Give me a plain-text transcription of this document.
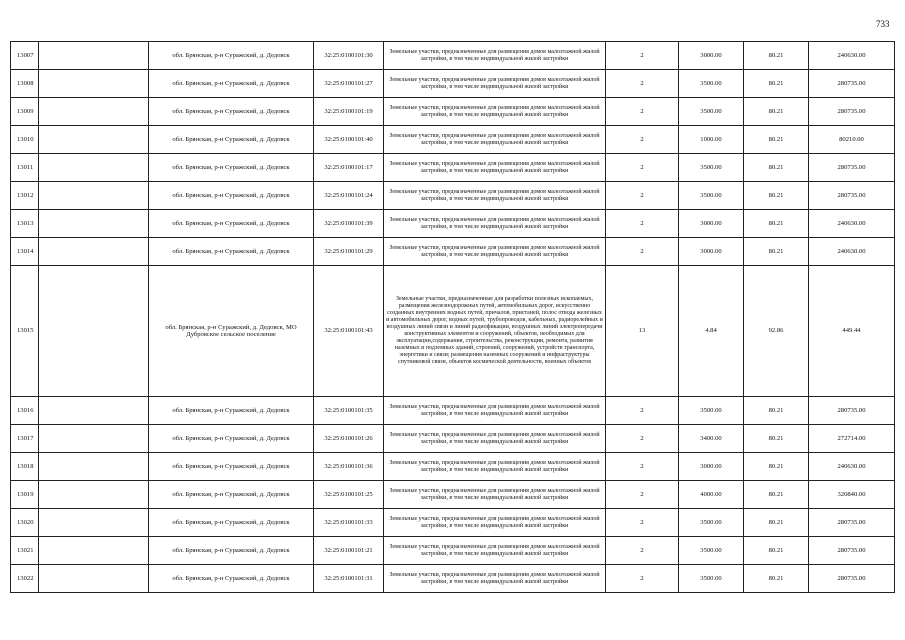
733
13007		обл. Брянская, р-н Суражский, д. Дедовск	32:25:0100101:30	Земельные участки, предназначенные для размещения домов малоэтажной жилой застройки, в том числе индивидуальной жилой застройки	2	3000.00	80.21	240630.00
13008		обл. Брянская, р-н Суражский, д. Дедовск	32:25:0100101:27	Земельные участки, предназначенные для размещения домов малоэтажной жилой застройки, в том числе индивидуальной жилой застройки	2	3500.00	80.21	280735.00
13009		обл. Брянская, р-н Суражский, д. Дедовск	32:25:0100101:19	Земельные участки, предназначенные для размещения домов малоэтажной жилой застройки, в том числе индивидуальной жилой застройки	2	3500.00	80.21	280735.00
13010		обл. Брянская, р-н Суражский, д. Дедовск	32:25:0100101:40	Земельные участки, предназначенные для размещения домов малоэтажной жилой застройки, в том числе индивидуальной жилой застройки	2	1000.00	80.21	80210.00
13011		обл. Брянская, р-н Суражский, д. Дедовск	32:25:0100101:17	Земельные участки, предназначенные для размещения домов малоэтажной жилой застройки, в том числе индивидуальной жилой застройки	2	3500.00	80.21	280735.00
13012		обл. Брянская, р-н Суражский, д. Дедовск	32:25:0100101:24	Земельные участки, предназначенные для размещения домов малоэтажной жилой застройки, в том числе индивидуальной жилой застройки	2	3500.00	80.21	280735.00
13013		обл. Брянская, р-н Суражский, д. Дедовск	32:25:0100101:39	Земельные участки, предназначенные для размещения домов малоэтажной жилой застройки, в том числе индивидуальной жилой застройки	2	3000.00	80.21	240630.00
13014		обл. Брянская, р-н Суражский, д. Дедовск	32:25:0100101:29	Земельные участки, предназначенные для размещения домов малоэтажной жилой застройки, в том числе индивидуальной жилой застройки	2	3000.00	80.21	240630.00
13015		обл. Брянская, р-н Суражский, д. Дедовск, МО Дубровское сельское поселение	32:25:0100101:43	Земельные участки, предназначенные для разработки полезных ископаемых, размещения железнодорожных путей, автомобильных дорог, искусственно созданных внутренних водных путей, причалов, пристаней, полос отвода железных и автомобильных дорог, водных путей, трубопроводов, кабельных, радиорелейных и воздушных линий связи и линий радиофикации, воздушных линий электропередачи конструктивных элементов и сооружений, объектов, необходимых для эксплуатации,содержания, строительства, реконструкции, ремонта, развития наземных и подземных зданий, строений, сооружений, устройств транспорта, энергетики и связи; размещения наземных сооружений и инфраструктуры спутниковой связи, объектов космической деятельности, военных объектов	13	4.84	92.86	449.44
13016		обл. Брянская, р-н Суражский, д. Дедовск	32:25:0100101:35	Земельные участки, предназначенные для размещения домов малоэтажной жилой застройки, в том числе индивидуальной жилой застройки	2	3500.00	80.21	280735.00
13017		обл. Брянская, р-н Суражский, д. Дедовск	32:25:0100101:26	Земельные участки, предназначенные для размещения домов малоэтажной жилой застройки, в том числе индивидуальной жилой застройки	2	3400.00	80.21	272714.00
13018		обл. Брянская, р-н Суражский, д. Дедовск	32:25:0100101:36	Земельные участки, предназначенные для размещения домов малоэтажной жилой застройки, в том числе индивидуальной жилой застройки	2	3000.00	80.21	240630.00
13019		обл. Брянская, р-н Суражский, д. Дедовск	32:25:0100101:25	Земельные участки, предназначенные для размещения домов малоэтажной жилой застройки, в том числе индивидуальной жилой застройки	2	4000.00	80.21	320840.00
13020		обл. Брянская, р-н Суражский, д. Дедовск	32:25:0100101:33	Земельные участки, предназначенные для размещения домов малоэтажной жилой застройки, в том числе индивидуальной жилой застройки	2	3500.00	80.21	280735.00
13021		обл. Брянская, р-н Суражский, д. Дедовск	32:25:0100101:21	Земельные участки, предназначенные для размещения домов малоэтажной жилой застройки, в том числе индивидуальной жилой застройки	2	3500.00	80.21	280735.00
13022		обл. Брянская, р-н Суражский, д. Дедовск	32:25:0100101:31	Земельные участки, предназначенные для размещения домов малоэтажной жилой застройки, в том числе индивидуальной жилой застройки	2	3500.00	80.21	280735.00
